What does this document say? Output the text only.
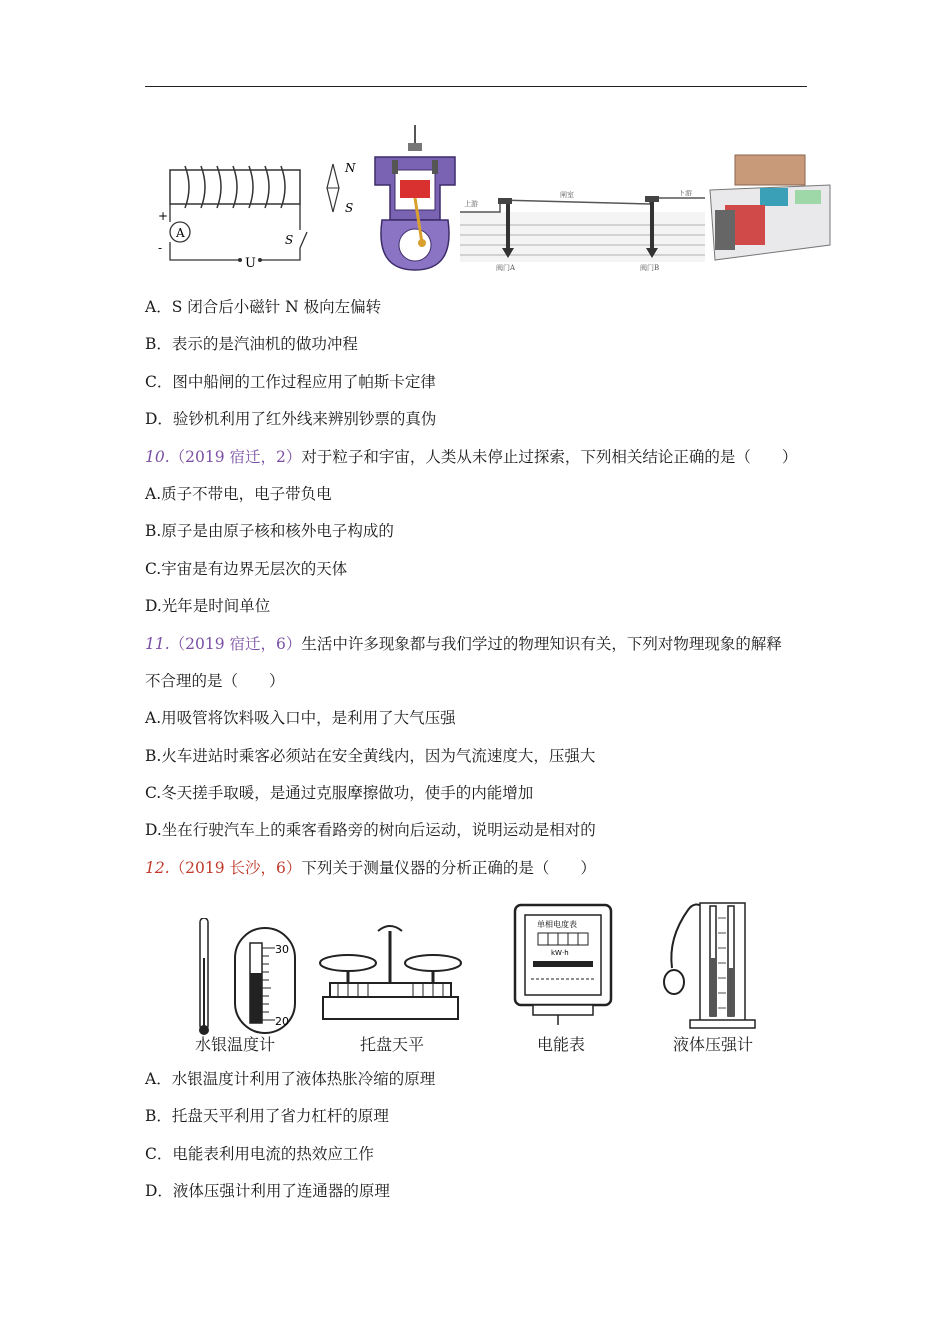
A
+
-
U
S
N
S	上游
闸室	下游
阀门A	阀门B
A．S 闭合后小磁针 N 极向左偏转
B．表示的是汽油机的做功冲程
C．图中船闸的工作过程应用了帕斯卡定律
D．验钞机利用了红外线来辨别钞票的真伪
10.（2019 宿迁，2）对于粒子和宇宙，人类从未停止过探索，下列相关结论正确的是（　　）
A.质子不带电，电子带负电
B.原子是由原子核和核外电子构成的
C.宇宙是有边界无层次的天体
D.光年是时间单位
11.（2019 宿迁，6）生活中许多现象都与我们学过的物理知识有关，下列对物理现象的解释
不合理的是（　　）
A.用吸管将饮料吸入口中，是利用了大气压强
B.火车进站时乘客必须站在安全黄线内，因为气流速度大，压强大
C.冬天搓手取暖，是通过克服摩擦做功，使手的内能增加
D.坐在行驶汽车上的乘客看路旁的树向后运动，说明运动是相对的
12.（2019 长沙，6）下列关于测量仪器的分析正确的是（　　）
30
20
水银温度计	托盘天平
单相电度表
kW·h
电能表	液体压强计
A．水银温度计利用了液体热胀冷缩的原理
B．托盘天平利用了省力杠杆的原理
C．电能表利用电流的热效应工作
D．液体压强计利用了连通器的原理
